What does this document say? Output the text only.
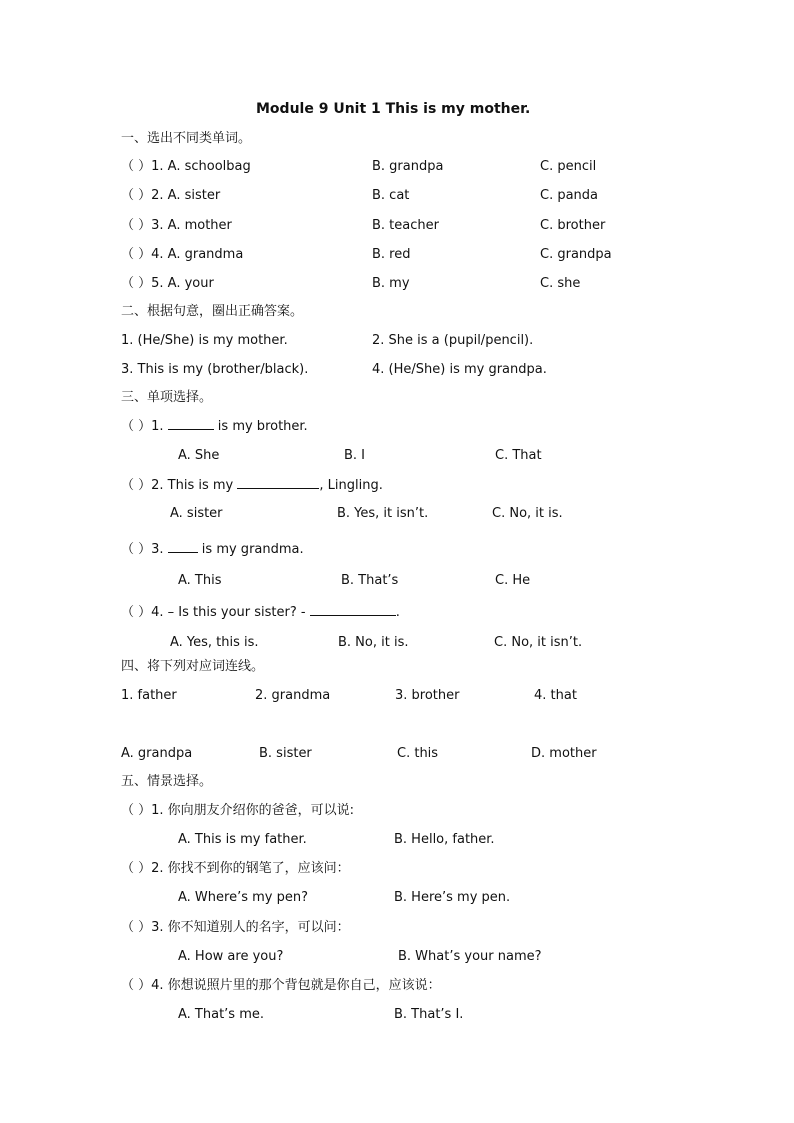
Module 9 Unit 1 This is my mother.
一、选出不同类单词。
（ ）1. A. schoolbag	B. grandpa	C. pencil
（ ）2. A. sister	B. cat	C. panda
（ ）3. A. mother	B. teacher	C. brother
（ ）4. A. grandma	B. red	C. grandpa
（ ）5. A. your	B. my	C. she
二、根据句意，圈出正确答案。
1. (He/She) is my mother.	2. She is a (pupil/pencil).
3. This is my (brother/black).	4. (He/She) is my grandpa.
三、单项选择。
（ ）1.	is my brother.
A. She	B. I	C. That
（ ）2. This is my	, Lingling.
A. sister	B. Yes, it isn’t.	C. No, it is.
（ ）3.  is my grandma.
A. This	B. That’s	C. He
（ ）4. – Is this your sister? -	.
A. Yes, this is.	B. No, it is.	C. No, it isn’t.
四、将下列对应词连线。
1. father	2. grandma	3. brother	4. that
A. grandpa	B. sister	C. this	D. mother
五、情景选择。
（ ）1. 你向朋友介绍你的爸爸，可以说:
A. This is my father.	B. Hello, father.
（ ）2. 你找不到你的钢笔了，应该问：
A. Where’s my pen?	B. Here’s my pen.
（ ）3. 你不知道别人的名字，可以问：
A. How are you?	B. What’s your name?
（ ）4. 你想说照片里的那个背包就是你自己，应该说：
A. That’s me.	B. That’s I.
